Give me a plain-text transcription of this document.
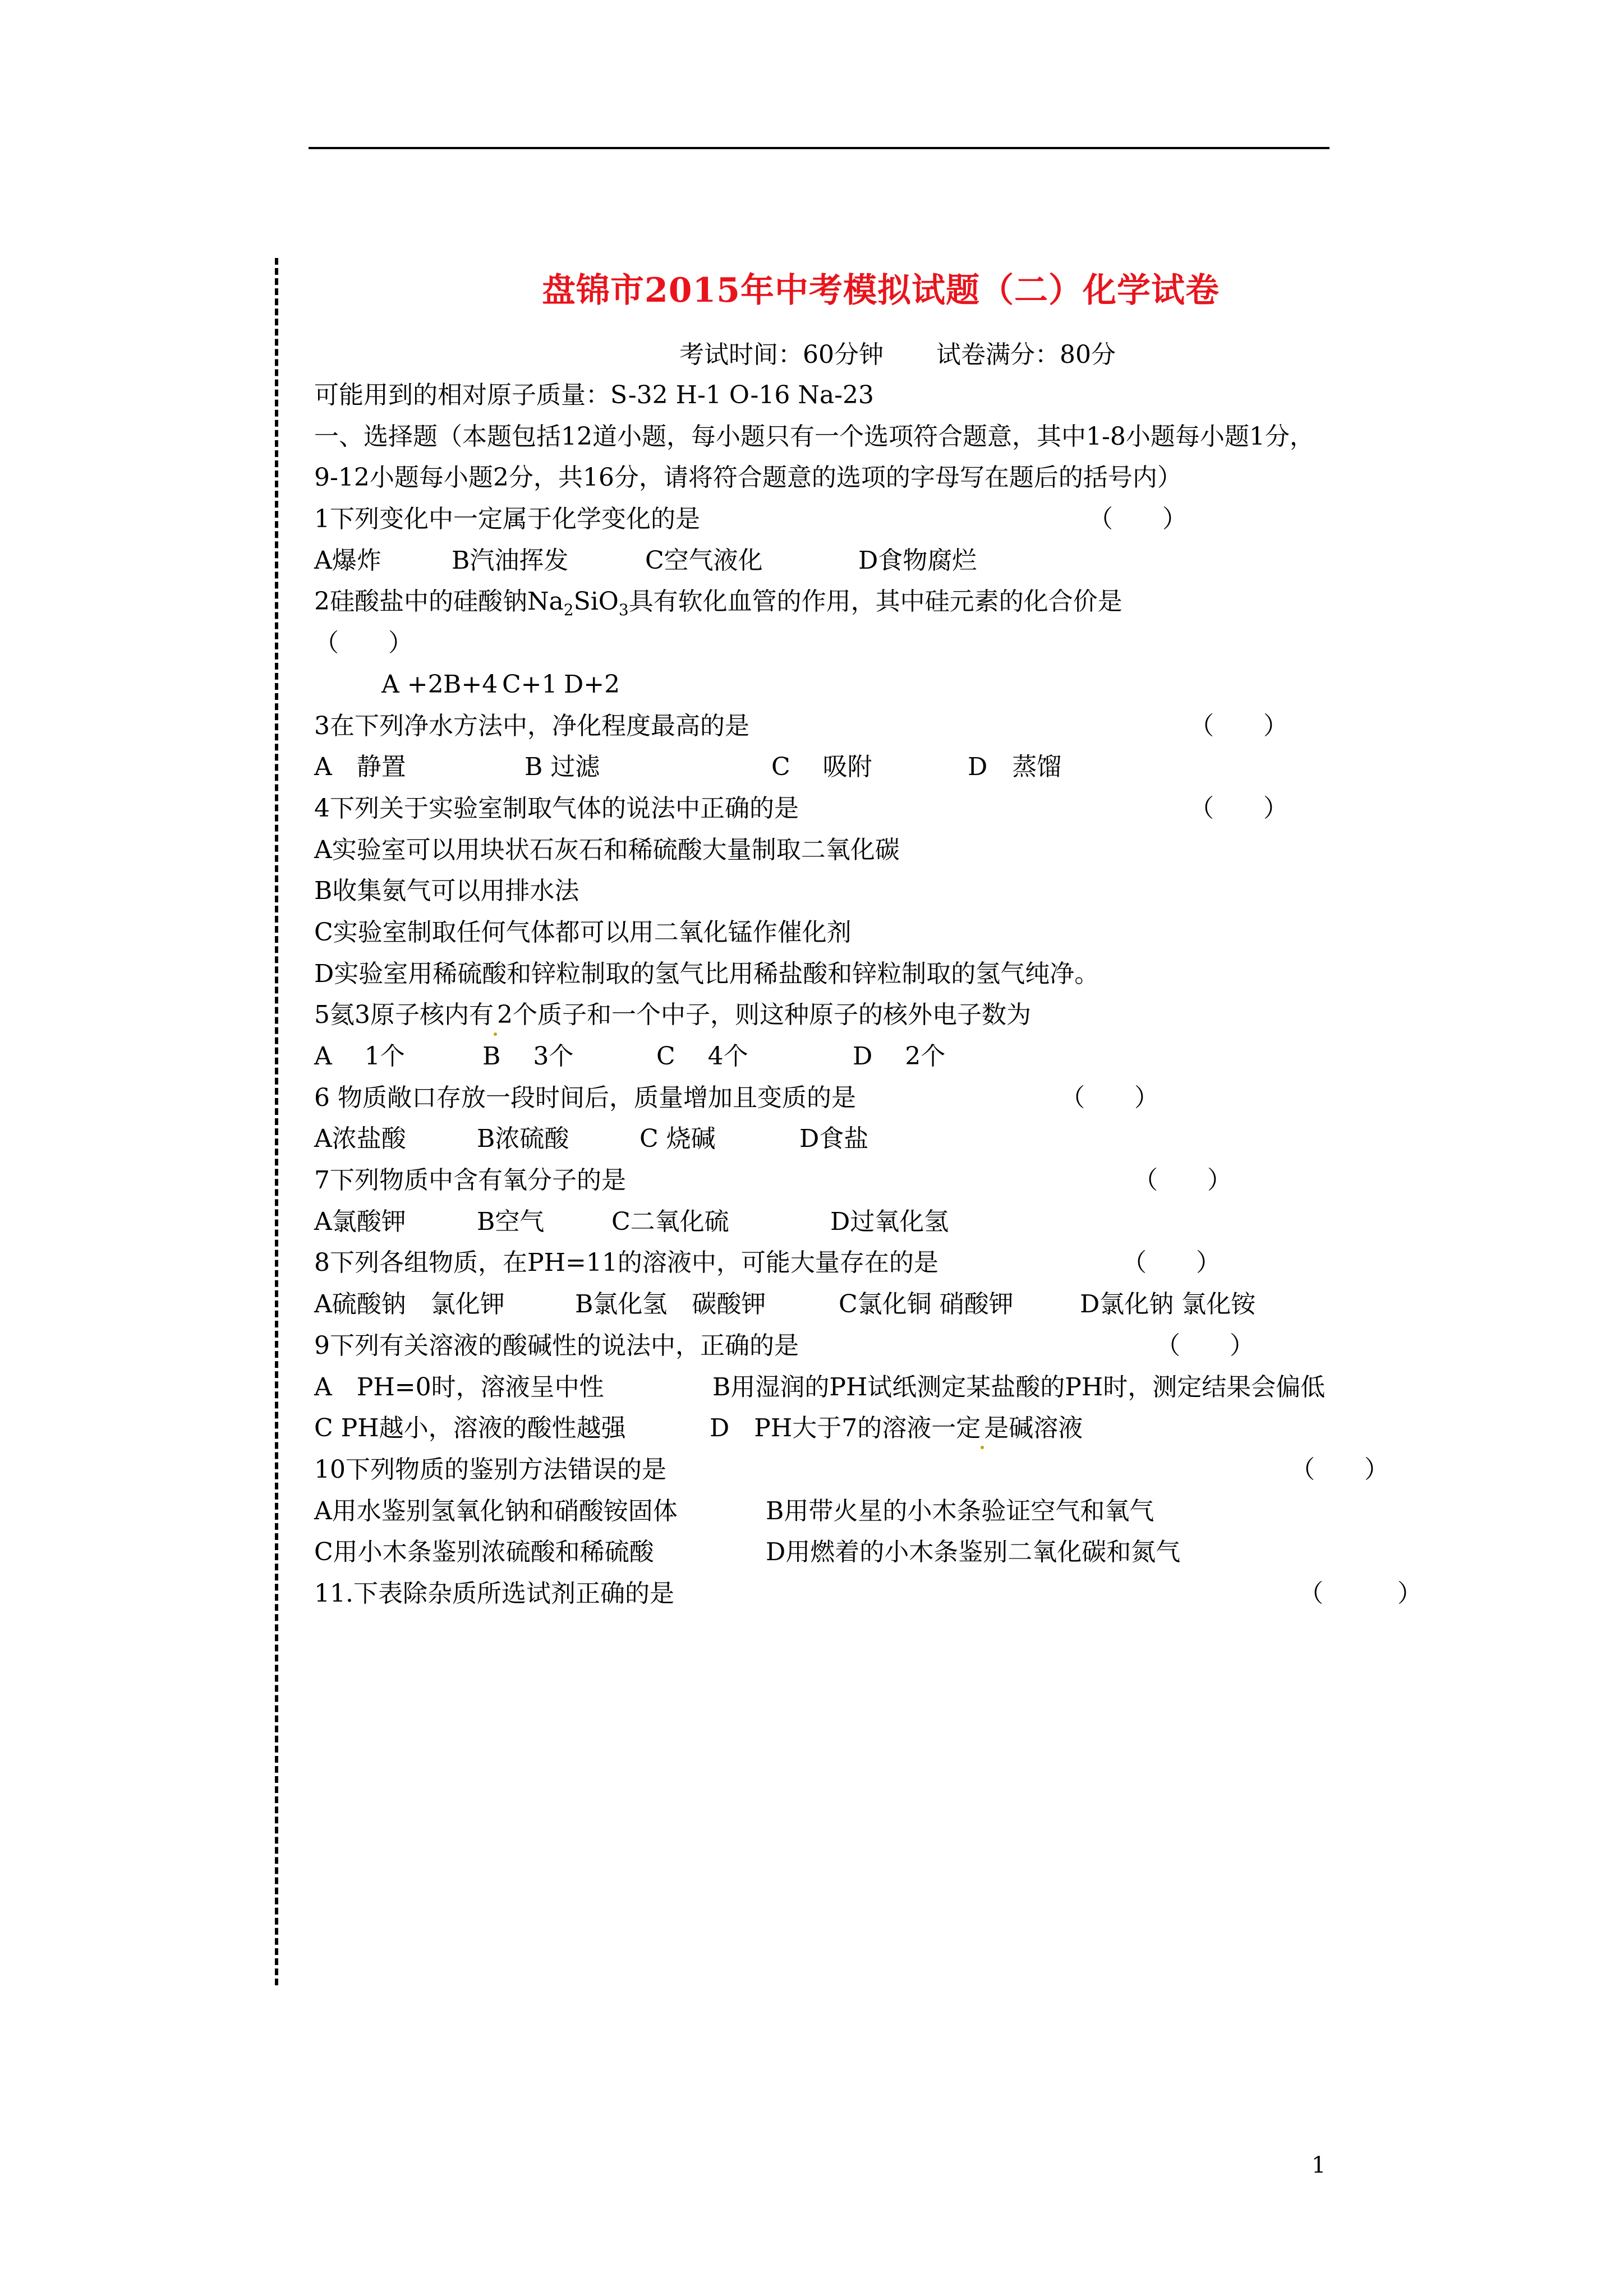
盘锦市2015年中考模拟试题（二）化学试卷
考试时间：60分钟 试卷满分：80分
可能用到的相对原子质量：S-32 H-1 O-16 Na-23
一、选择题（本题包括12道小题，每小题只有一个选项符合题意，其中1-8小题每小题1分，9-12小题每小题2分，共16分，请将符合题意的选项的字母写在题后的括号内）
1下列变化中一定属于化学变化的是	（　　）
A爆炸	B汽油挥发	C空气液化	D食物腐烂
2硅酸盐中的硅酸钠$Na_2SiO_3$具有软化血管的作用，其中硅元素的化合价是
（　　）
A +2B+4 C+1 D+2
3在下列净水方法中，净化程度最高的是	（　　）
A　静置	B 过滤	C　 吸附	D　蒸馏
4下列关于实验室制取气体的说法中正确的是	（　　）
A实验室可以用块状石灰石和稀硫酸大量制取二氧化碳
B收集氨气可以用排水法
C实验室制取任何气体都可以用二氧化锰作催化剂
D实验室用稀硫酸和锌粒制取的氢气比用稀盐酸和锌粒制取的氢气纯净。
5氦3原子核内有 2个质子和一个中子，则这种原子的核外电子数为
A　 1个	B　 3个	C　 4个	D　 2个
6 物质敞口存放一段时间后，质量增加且变质的是	（　　）
A浓盐酸	B浓硫酸	C 烧碱	D食盐
7下列物质中含有氧分子的是	（　　）
A氯酸钾	B空气	C二氧化硫	D过氧化氢
8下列各组物质，在PH=11的溶液中，可能大量存在的是	（　　）
A硫酸钠　氯化钾	B氯化氢　碳酸钾	C氯化铜 硝酸钾	D氯化钠 氯化铵
9下列有关溶液的酸碱性的说法中，正确的是	（　　）
A　PH=0时，溶液呈中性	B用湿润的PH试纸测定某盐酸的PH时，测定结果会偏低
C PH越小，溶液的酸性越强	D　PH大于7的溶液一定 是碱溶液
10下列物质的鉴别方法错误的是	（　　）
A用水鉴别氢氧化钠和硝酸铵固体	B用带火星的小木条验证空气和氧气
C用小木条鉴别浓硫酸和稀硫酸	D用燃着的小木条鉴别二氧化碳和氮气
11.下表除杂质所选试剂正确的是	（　　　）
1
